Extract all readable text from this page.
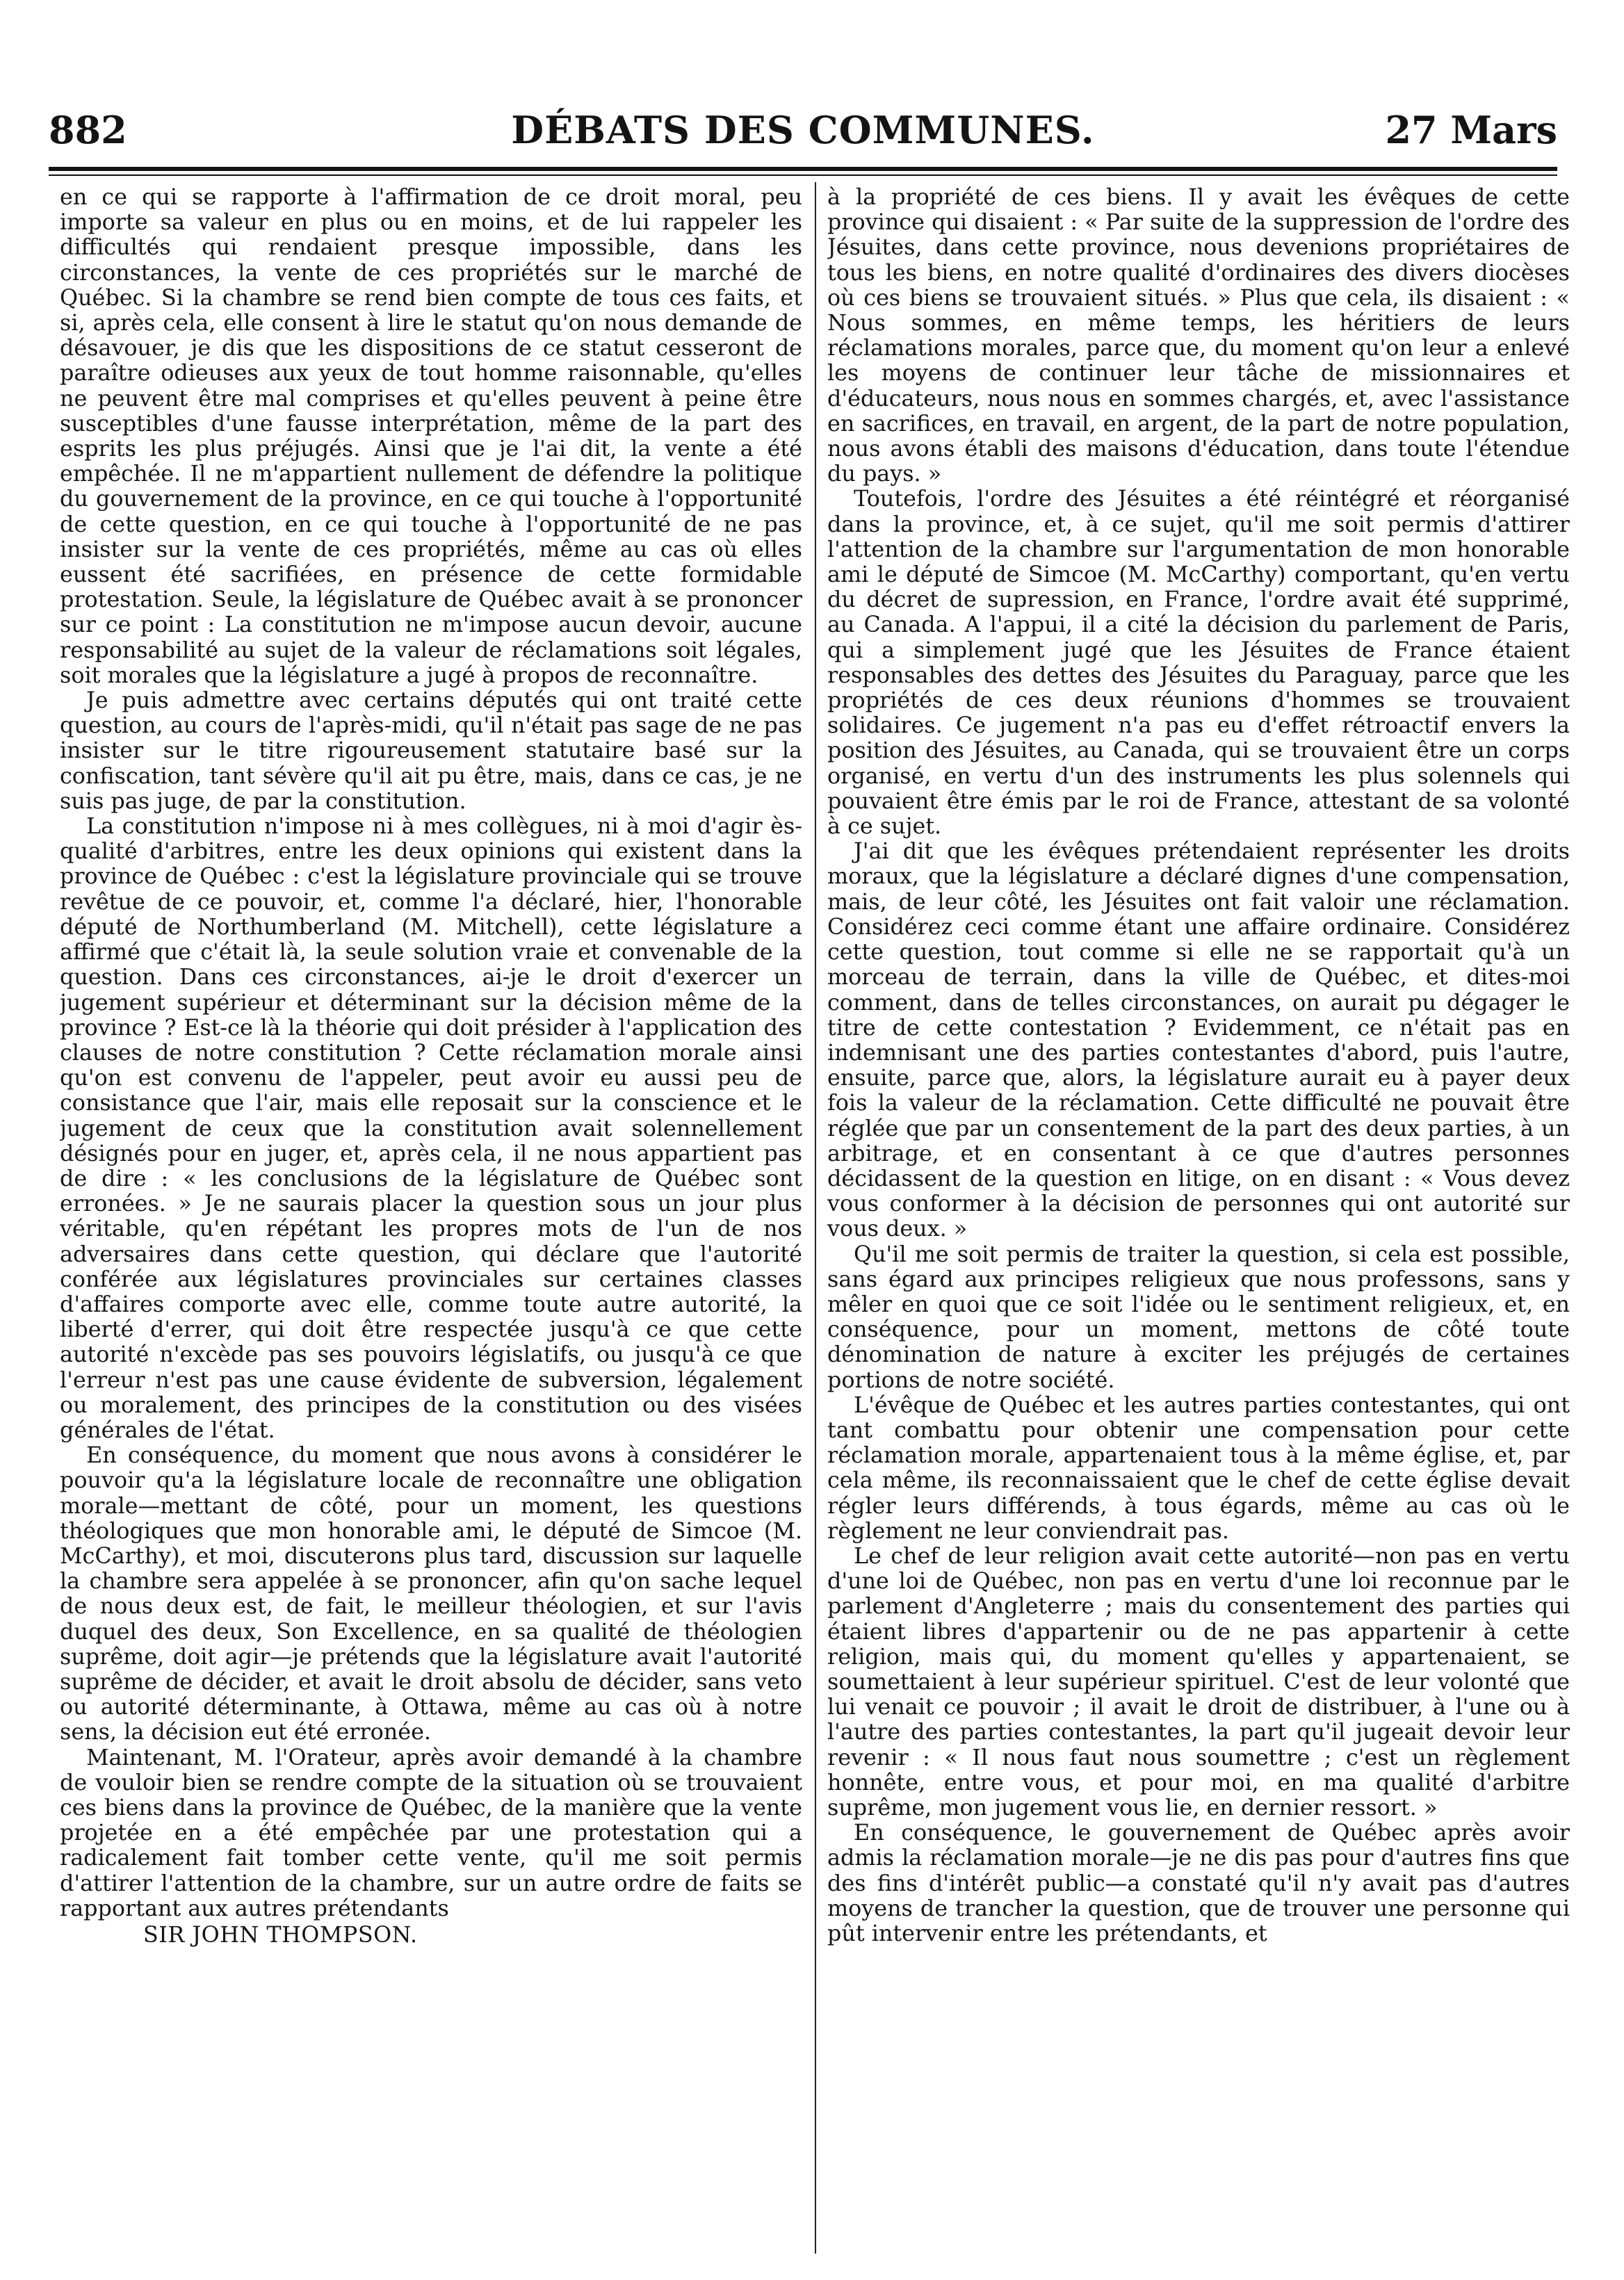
882	DÉBATS DES COMMUNES.	27 Mars

en ce qui se rapporte à l'affirmation de ce droit moral, peu importe sa valeur en plus ou en moins, et de lui rappeler les difficultés qui rendaient presque impossible, dans les circonstances, la vente de ces propriétés sur le marché de Québec. Si la chambre se rend bien compte de tous ces faits, et si, après cela, elle consent à lire le statut qu'on nous demande de désavouer, je dis que les dispositions de ce statut cesseront de paraître odieuses aux yeux de tout homme raisonnable, qu'elles ne peuvent être mal comprises et qu'elles peuvent à peine être susceptibles d'une fausse interprétation, même de la part des esprits les plus préjugés. Ainsi que je l'ai dit, la vente a été empêchée. Il ne m'appartient nullement de défendre la politique du gouvernement de la province, en ce qui touche à l'opportunité de cette question, en ce qui touche à l'opportunité de ne pas insister sur la vente de ces propriétés, même au cas où elles eussent été sacrifiées, en présence de cette formidable protestation. Seule, la législature de Québec avait à se prononcer sur ce point : La constitution ne m'impose aucun devoir, aucune responsabilité au sujet de la valeur de réclamations soit légales, soit morales que la législature a jugé à propos de reconnaître.

Je puis admettre avec certains députés qui ont traité cette question, au cours de l'après-midi, qu'il n'était pas sage de ne pas insister sur le titre rigoureusement statutaire basé sur la confiscation, tant sévère qu'il ait pu être, mais, dans ce cas, je ne suis pas juge, de par la constitution.

La constitution n'impose ni à mes collègues, ni à moi d'agir ès-qualité d'arbitres, entre les deux opinions qui existent dans la province de Québec : c'est la législature provinciale qui se trouve revêtue de ce pouvoir, et, comme l'a déclaré, hier, l'honorable député de Northumberland (M. Mitchell), cette législature a affirmé que c'était là, la seule solution vraie et convenable de la question. Dans ces circonstances, ai-je le droit d'exercer un jugement supérieur et déterminant sur la décision même de la province ? Est-ce là la théorie qui doit présider à l'application des clauses de notre constitution ? Cette réclamation morale ainsi qu'on est convenu de l'appeler, peut avoir eu aussi peu de consistance que l'air, mais elle reposait sur la conscience et le jugement de ceux que la constitution avait solennellement désignés pour en juger, et, après cela, il ne nous appartient pas de dire : « les conclusions de la législature de Québec sont erronées. » Je ne saurais placer la question sous un jour plus véritable, qu'en répétant les propres mots de l'un de nos adversaires dans cette question, qui déclare que l'autorité conférée aux législatures provinciales sur certaines classes d'affaires comporte avec elle, comme toute autre autorité, la liberté d'errer, qui doit être respectée jusqu'à ce que cette autorité n'excède pas ses pouvoirs législatifs, ou jusqu'à ce que l'erreur n'est pas une cause évidente de subversion, légalement ou moralement, des principes de la constitution ou des visées générales de l'état.

En conséquence, du moment que nous avons à considérer le pouvoir qu'a la législature locale de reconnaître une obligation morale—mettant de côté, pour un moment, les questions théologiques que mon honorable ami, le député de Simcoe (M. McCarthy), et moi, discuterons plus tard, discussion sur laquelle la chambre sera appelée à se prononcer, afin qu'on sache lequel de nous deux est, de fait, le meilleur théologien, et sur l'avis duquel des deux, Son Excellence, en sa qualité de théologien suprême, doit agir—je prétends que la législature avait l'autorité suprême de décider, et avait le droit absolu de décider, sans veto ou autorité déterminante, à Ottawa, même au cas où à notre sens, la décision eut été erronée.

Maintenant, M. l'Orateur, après avoir demandé à la chambre de vouloir bien se rendre compte de la situation où se trouvaient ces biens dans la province de Québec, de la manière que la vente projetée en a été empêchée par une protestation qui a radicalement fait tomber cette vente, qu'il me soit permis d'attirer l'attention de la chambre, sur un autre ordre de faits se rapportant aux autres prétendants

SIR JOHN THOMPSON.

à la propriété de ces biens. Il y avait les évêques de cette province qui disaient : « Par suite de la suppression de l'ordre des Jésuites, dans cette province, nous devenions propriétaires de tous les biens, en notre qualité d'ordinaires des divers diocèses où ces biens se trouvaient situés. » Plus que cela, ils disaient : « Nous sommes, en même temps, les héritiers de leurs réclamations morales, parce que, du moment qu'on leur a enlevé les moyens de continuer leur tâche de missionnaires et d'éducateurs, nous nous en sommes chargés, et, avec l'assistance en sacrifices, en travail, en argent, de la part de notre population, nous avons établi des maisons d'éducation, dans toute l'étendue du pays. »

Toutefois, l'ordre des Jésuites a été réintégré et réorganisé dans la province, et, à ce sujet, qu'il me soit permis d'attirer l'attention de la chambre sur l'argumentation de mon honorable ami le député de Simcoe (M. McCarthy) comportant, qu'en vertu du décret de supression, en France, l'ordre avait été supprimé, au Canada. A l'appui, il a cité la décision du parlement de Paris, qui a simplement jugé que les Jésuites de France étaient responsables des dettes des Jésuites du Paraguay, parce que les propriétés de ces deux réunions d'hommes se trouvaient solidaires. Ce jugement n'a pas eu d'effet rétroactif envers la position des Jésuites, au Canada, qui se trouvaient être un corps organisé, en vertu d'un des instruments les plus solennels qui pouvaient être émis par le roi de France, attestant de sa volonté à ce sujet.

J'ai dit que les évêques prétendaient représenter les droits moraux, que la législature a déclaré dignes d'une compensation, mais, de leur côté, les Jésuites ont fait valoir une réclamation. Considérez ceci comme étant une affaire ordinaire. Considérez cette question, tout comme si elle ne se rapportait qu'à un morceau de terrain, dans la ville de Québec, et dites-moi comment, dans de telles circonstances, on aurait pu dégager le titre de cette contestation ? Evidemment, ce n'était pas en indemnisant une des parties contestantes d'abord, puis l'autre, ensuite, parce que, alors, la législature aurait eu à payer deux fois la valeur de la réclamation. Cette difficulté ne pouvait être réglée que par un consentement de la part des deux parties, à un arbitrage, et en consentant à ce que d'autres personnes décidassent de la question en litige, on en disant : « Vous devez vous conformer à la décision de personnes qui ont autorité sur vous deux. »

Qu'il me soit permis de traiter la question, si cela est possible, sans égard aux principes religieux que nous professons, sans y mêler en quoi que ce soit l'idée ou le sentiment religieux, et, en conséquence, pour un moment, mettons de côté toute dénomination de nature à exciter les préjugés de certaines portions de notre société.

L'évêque de Québec et les autres parties contestantes, qui ont tant combattu pour obtenir une compensation pour cette réclamation morale, appartenaient tous à la même église, et, par cela même, ils reconnaissaient que le chef de cette église devait régler leurs différends, à tous égards, même au cas où le règlement ne leur conviendrait pas.

Le chef de leur religion avait cette autorité—non pas en vertu d'une loi de Québec, non pas en vertu d'une loi reconnue par le parlement d'Angleterre ; mais du consentement des parties qui étaient libres d'appartenir ou de ne pas appartenir à cette religion, mais qui, du moment qu'elles y appartenaient, se soumettaient à leur supérieur spirituel. C'est de leur volonté que lui venait ce pouvoir ; il avait le droit de distribuer, à l'une ou à l'autre des parties contestantes, la part qu'il jugeait devoir leur revenir : « Il nous faut nous soumettre ; c'est un règlement honnête, entre vous, et pour moi, en ma qualité d'arbitre suprême, mon jugement vous lie, en dernier ressort. »

En conséquence, le gouvernement de Québec après avoir admis la réclamation morale—je ne dis pas pour d'autres fins que des fins d'intérêt public—a constaté qu'il n'y avait pas d'autres moyens de trancher la question, que de trouver une personne qui pût intervenir entre les prétendants, et
